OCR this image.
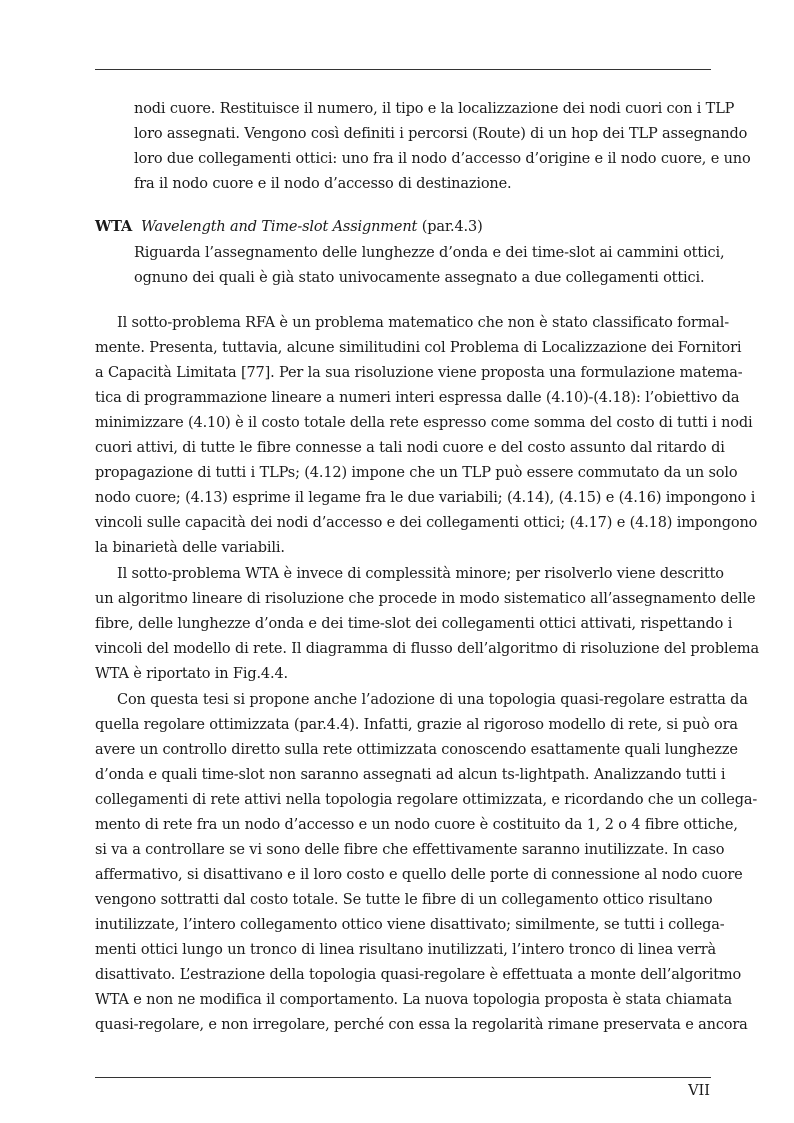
nodi cuore. Restituisce il numero, il tipo e la localizzazione dei nodi cuori con i TLP
loro assegnati. Vengono così definiti i percorsi (Route) di un hop dei TLP assegnando
loro due collegamenti ottici: uno fra il nodo d’accesso d’origine e il nodo cuore, e uno
fra il nodo cuore e il nodo d’accesso di destinazione.
WTA Wavelength and Time-slot Assignment (par.4.3)
Riguarda l’assegnamento delle lunghezze d’onda e dei time-slot ai cammini ottici,
ognuno dei quali è già stato univocamente assegnato a due collegamenti ottici.
Il sotto-problema RFA è un problema matematico che non è stato classificato formal-
mente. Presenta, tuttavia, alcune similitudini col Problema di Localizzazione dei Fornitori
a Capacità Limitata [77]. Per la sua risoluzione viene proposta una formulazione matema-
tica di programmazione lineare a numeri interi espressa dalle (4.10)-(4.18): l’obiettivo da
minimizzare (4.10) è il costo totale della rete espresso come somma del costo di tutti i nodi
cuori attivi, di tutte le fibre connesse a tali nodi cuore e del costo assunto dal ritardo di
propagazione di tutti i TLPs; (4.12) impone che un TLP può essere commutato da un solo
nodo cuore; (4.13) esprime il legame fra le due variabili; (4.14), (4.15) e (4.16) impongono i
vincoli sulle capacità dei nodi d’accesso e dei collegamenti ottici; (4.17) e (4.18) impongono
la binarietà delle variabili.
Il sotto-problema WTA è invece di complessità minore; per risolverlo viene descritto
un algoritmo lineare di risoluzione che procede in modo sistematico all’assegnamento delle
fibre, delle lunghezze d’onda e dei time-slot dei collegamenti ottici attivati, rispettando i
vincoli del modello di rete. Il diagramma di flusso dell’algoritmo di risoluzione del problema
WTA è riportato in Fig.4.4.
Con questa tesi si propone anche l’adozione di una topologia quasi-regolare estratta da
quella regolare ottimizzata (par.4.4). Infatti, grazie al rigoroso modello di rete, si può ora
avere un controllo diretto sulla rete ottimizzata conoscendo esattamente quali lunghezze
d’onda e quali time-slot non saranno assegnati ad alcun ts-lightpath. Analizzando tutti i
collegamenti di rete attivi nella topologia regolare ottimizzata, e ricordando che un collega-
mento di rete fra un nodo d’accesso e un nodo cuore è costituito da 1, 2 o 4 fibre ottiche,
si va a controllare se vi sono delle fibre che effettivamente saranno inutilizzate. In caso
affermativo, si disattivano e il loro costo e quello delle porte di connessione al nodo cuore
vengono sottratti dal costo totale. Se tutte le fibre di un collegamento ottico risultano
inutilizzate, l’intero collegamento ottico viene disattivato; similmente, se tutti i collega-
menti ottici lungo un tronco di linea risultano inutilizzati, l’intero tronco di linea verrà
disattivato. L’estrazione della topologia quasi-regolare è effettuata a monte dell’algoritmo
WTA e non ne modifica il comportamento. La nuova topologia proposta è stata chiamata
quasi-regolare, e non irregolare, perché con essa la regolarità rimane preservata e ancora
VII
